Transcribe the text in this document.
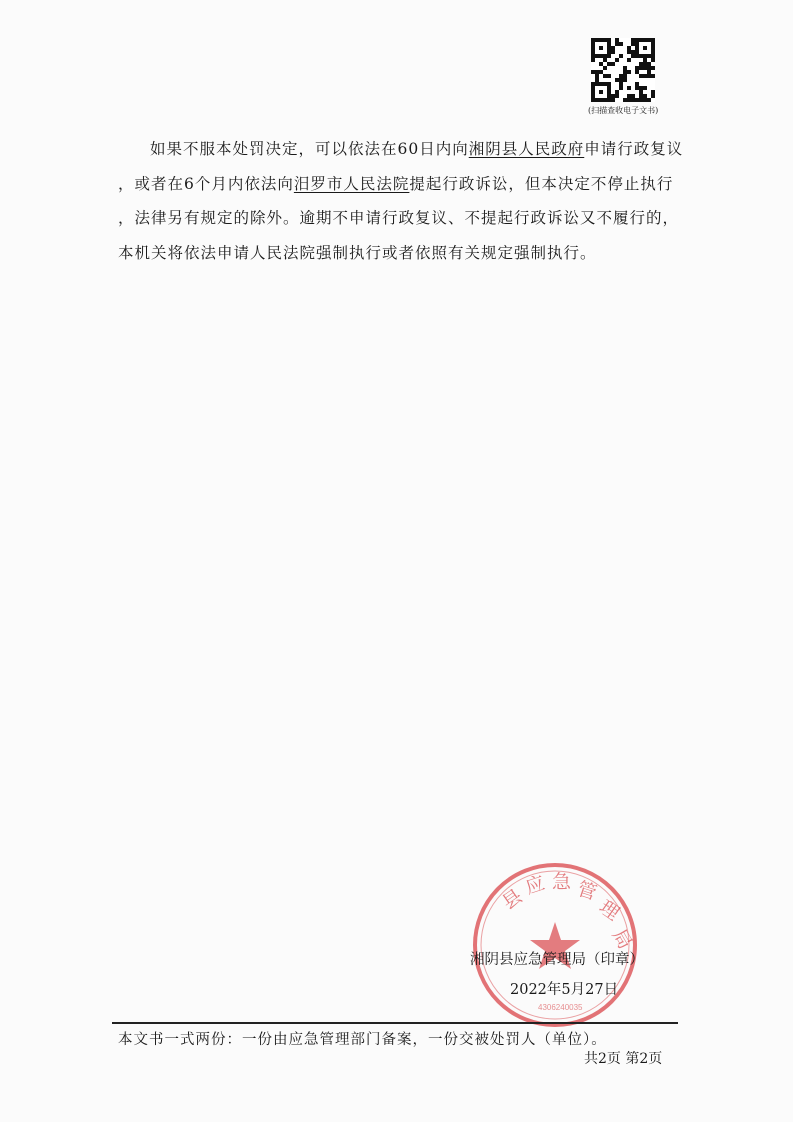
(扫描查收电子文书)
如果不服本处罚决定，可以依法在60日内向湘阴县人民政府申请行政复议
，或者在6个月内依法向汨罗市人民法院提起行政诉讼，但本决定不停止执行
，法律另有规定的除外。逾期不申请行政复议、不提起行政诉讼又不履行的，
本机关将依法申请人民法院强制执行或者依照有关规定强制执行。
县
应 急 管
理
局
4306240035
湘阴县应急管理局（印章）
2022年5月27日
本文书一式两份：一份由应急管理部门备案，一份交被处罚人（单位）。
共2页 第2页
